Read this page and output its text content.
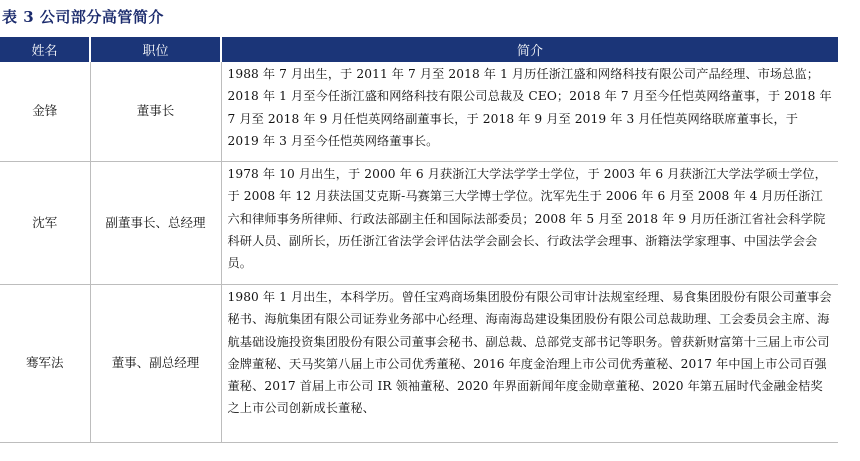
表 3 公司部分高管简介
姓名	职位	简介
金锋	董事长	1988 年 7 月出生，于 2011 年 7 月至 2018 年 1 月历任浙江盛和网络科技有限公司产品经理、市场总监；2018 年 1 月至今任浙江盛和网络科技有限公司总裁及 CEO；2018 年 7 月至今任恺英网络董事，于 2018 年 7 月至 2018 年 9 月任恺英网络副董事长，于 2018 年 9 月至 2019 年 3 月任恺英网络联席董事长，于 2019 年 3 月至今任恺英网络董事长。
沈军	副董事长、总经理	1978 年 10 月出生，于 2000 年 6 月获浙江大学法学学士学位，于 2003 年 6 月获浙江大学法学硕士学位，于 2008 年 12 月获法国艾克斯-马赛第三大学博士学位。沈军先生于 2006 年 6 月至 2008 年 4 月历任浙江六和律师事务所律师、行政法部副主任和国际法部委员；2008 年 5 月至 2018 年 9 月历任浙江省社会科学院科研人员、副所长，历任浙江省法学会评估法学会副会长、行政法学会理事、浙籍法学家理事、中国法学会会员。
骞军法	董事、副总经理	1980 年 1 月出生，本科学历。曾任宝鸡商场集团股份有限公司审计法规室经理、易食集团股份有限公司董事会秘书、海航集团有限公司证券业务部中心经理、海南海岛建设集团股份有限公司总裁助理、工会委员会主席、海航基础设施投资集团股份有限公司董事会秘书、副总裁、总部党支部书记等职务。曾获新财富第十三届上市公司金牌董秘、天马奖第八届上市公司优秀董秘、2016 年度金治理上市公司优秀董秘、2017 年中国上市公司百强董秘、2017 首届上市公司 IR 领袖董秘、2020 年界面新闻年度金勋章董秘、2020 年第五届时代金融金桔奖之上市公司创新成长董秘、
